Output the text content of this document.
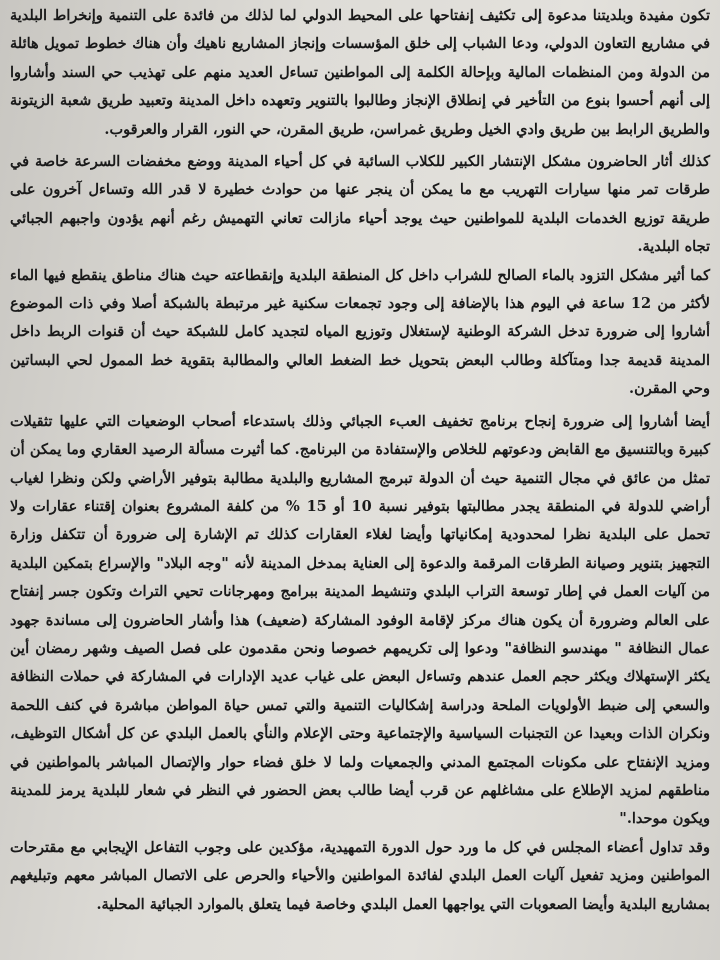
تكون مفيدة وبلديتنا مدعوة إلى تكثيف إنفتاحها على المحيط الدولي لما لذلك من فائدة على التنمية وإنخراط البلدية في مشاريع التعاون الدولي، ودعا الشباب إلى خلق المؤسسات وإنجاز المشاريع ناهيك وأن هناك خطوط تمويل هائلة من الدولة ومن المنظمات المالية وبإحالة الكلمة إلى المواطنين تساءل العديد منهم على تهذيب حي السند وأشاروا إلى أنهم أحسوا بنوع من التأخير في إنطلاق الإنجاز وطالبوا بالتنوير وتعهده داخل المدينة وتعبيد طريق شعبة الزيتونة والطريق الرابط بين طريق وادي الخيل وطريق غمراسن، طريق المقرن، حي النور، القرار والعرقوب.

كذلك أثار الحاضرون مشكل الإنتشار الكبير للكلاب السائبة في كل أحياء المدينة ووضع مخفضات السرعة خاصة في طرقات تمر منها سيارات التهريب مع ما يمكن أن ينجر عنها من حوادث خطيرة لا قدر الله وتساءل آخرون على طريقة توزيع الخدمات البلدية للمواطنين حيث يوجد أحياء مازالت تعاني التهميش رغم أنهم يؤدون واجبهم الجبائي تجاه البلدية.

كما أثير مشكل التزود بالماء الصالح للشراب داخل كل المنطقة البلدية وإنقطاعته حيث هناك مناطق ينقطع فيها الماء لأكثر من 12 ساعة في اليوم هذا بالإضافة إلى وجود تجمعات سكنية غير مرتبطة بالشبكة أصلا وفي ذات الموضوع أشاروا إلى ضرورة تدخل الشركة الوطنية لإستغلال وتوزيع المياه لتجديد كامل للشبكة حيث أن قنوات الربط داخل المدينة قديمة جدا ومتآكلة وطالب البعض بتحويل خط الضغط العالي والمطالبة بتقوية خط الممول لحي البساتين وحي المقرن.

أيضا أشاروا إلى ضرورة إنجاح برنامج تخفيف العبء الجبائي وذلك باستدعاء أصحاب الوضعيات التي عليها تثقيلات كبيرة وبالتنسيق مع القابض ودعوتهم للخلاص والإستفادة من البرنامج. كما أثيرت مسألة الرصيد العقاري وما يمكن أن تمثل من عائق في مجال التنمية حيث أن الدولة تبرمج المشاريع والبلدية مطالبة بتوفير الأراضي ولكن ونظرا لغياب أراضي للدولة في المنطقة يجدر مطالبتها بتوفير نسبة 10 أو 15 % من كلفة المشروع بعنوان إقتناء عقارات ولا تحمل على البلدية نظرا لمحدودية إمكانياتها وأيضا لغلاء العقارات كذلك تم الإشارة إلى ضرورة أن تتكفل وزارة التجهيز بتنوير وصيانة الطرقات المرقمة والدعوة إلى العناية بمدخل المدينة لأنه "وجه البلاد" والإسراع بتمكين البلدية من آليات العمل في إطار توسعة التراب البلدي وتنشيط المدينة ببرامج ومهرجانات تحيي التراث وتكون جسر إنفتاح على العالم وضرورة أن يكون هناك مركز لإقامة الوفود المشاركة (ضعيف) هذا وأشار الحاضرون إلى مساندة جهود عمال النظافة " مهندسو النظافة" ودعوا إلى تكريمهم خصوصا ونحن مقدمون على فصل الصيف وشهر رمضان أين يكثر الإستهلاك ويكثر حجم العمل عندهم وتساءل البعض على غياب عديد الإدارات في المشاركة في حملات النظافة والسعي إلى ضبط الأولويات الملحة ودراسة إشكاليات التنمية والتي تمس حياة المواطن مباشرة في كنف اللحمة ونكران الذات وبعيدا عن التجنبات السياسية والإجتماعية وحتى الإعلام والنأي بالعمل البلدي عن كل أشكال التوظيف، ومزيد الإنفتاح على مكونات المجتمع المدني والجمعيات ولما لا خلق فضاء حوار والإتصال المباشر بالمواطنين في مناطقهم لمزيد الإطلاع على مشاغلهم عن قرب أيضا طالب بعض الحضور في النظر في شعار للبلدية يرمز للمدينة ويكون موحدا."

وقد تداول أعضاء المجلس في كل ما ورد حول الدورة التمهيدية، مؤكدين على وجوب التفاعل الإيجابي مع مقترحات المواطنين ومزيد تفعيل آليات العمل البلدي لفائدة المواطنين والأحياء والحرص على الاتصال المباشر معهم وتبليغهم بمشاريع البلدية وأيضا الصعوبات التي يواجهها العمل البلدي وخاصة فيما يتعلق بالموارد الجبائية المحلية.
